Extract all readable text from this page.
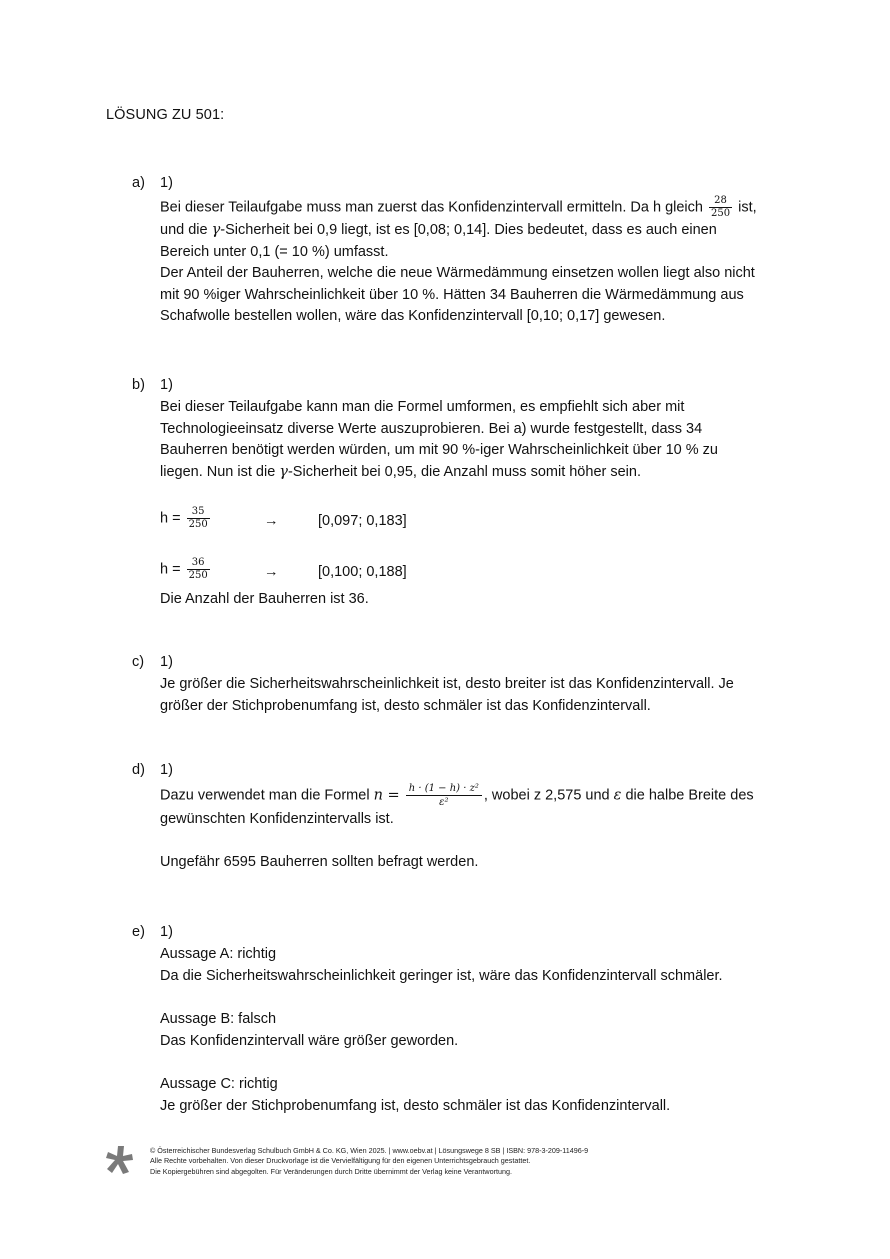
LÖSUNG ZU 501:
a) 1)
Bei dieser Teilaufgabe muss man zuerst das Konfidenzintervall ermitteln. Da h gleich $\frac{28}{250}$ ist,
und die γ-Sicherheit bei 0,9 liegt, ist es [0,08; 0,14]. Dies bedeutet, dass es auch einen
Bereich unter 0,1 (= 10 %) umfasst.
Der Anteil der Bauherren, welche die neue Wärmedämmung einsetzen wollen liegt also nicht
mit 90 %iger Wahrscheinlichkeit über 10 %. Hätten 34 Bauherren die Wärmedämmung aus
Schafwolle bestellen wollen, wäre das Konfidenzintervall [0,10; 0,17] gewesen.
b) 1)
Bei dieser Teilaufgabe kann man die Formel umformen, es empfiehlt sich aber mit
Technologieeinsatz diverse Werte auszuprobieren. Bei a) wurde festgestellt, dass 34
Bauherren benötigt werden würden, um mit 90 %-iger Wahrscheinlichkeit über 10 % zu
liegen. Nun ist die γ-Sicherheit bei 0,95, die Anzahl muss somit höher sein.
$h = \frac{35}{250}$	→	[0,097; 0,183]
$h = \frac{36}{250}$	→	[0,100; 0,188]
Die Anzahl der Bauherren ist 36.
c) 1)
Je größer die Sicherheitswahrscheinlichkeit ist, desto breiter ist das Konfidenzintervall. Je
größer der Stichprobenumfang ist, desto schmäler ist das Konfidenzintervall.
d) 1)
Dazu verwendet man die Formel $n = \frac{\text{h · (1 − h) · z²}}{\text{ε²}}$ , wobei z 2,575 und ε die halbe Breite des
gewünschten Konfidenzintervalls ist.
Ungefähr 6595 Bauherren sollten befragt werden.
e) 1)
Aussage A: richtig
Da die Sicherheitswahrscheinlichkeit geringer ist, wäre das Konfidenzintervall schmäler.
Aussage B: falsch
Das Konfidenzintervall wäre größer geworden.
Aussage C: richtig
Je größer der Stichprobenumfang ist, desto schmäler ist das Konfidenzintervall.
© Österreichischer Bundesverlag Schulbuch GmbH & Co. KG, Wien 2025. | www.oebv.at | Lösungswege 8 SB | ISBN: 978-3-209-11496-9
Alle Rechte vorbehalten. Von dieser Druckvorlage ist die Vervielfältigung für den eigenen Unterrichtsgebrauch gestattet.
Die Kopiergebühren sind abgegolten. Für Veränderungen durch Dritte übernimmt der Verlag keine Verantwortung.
